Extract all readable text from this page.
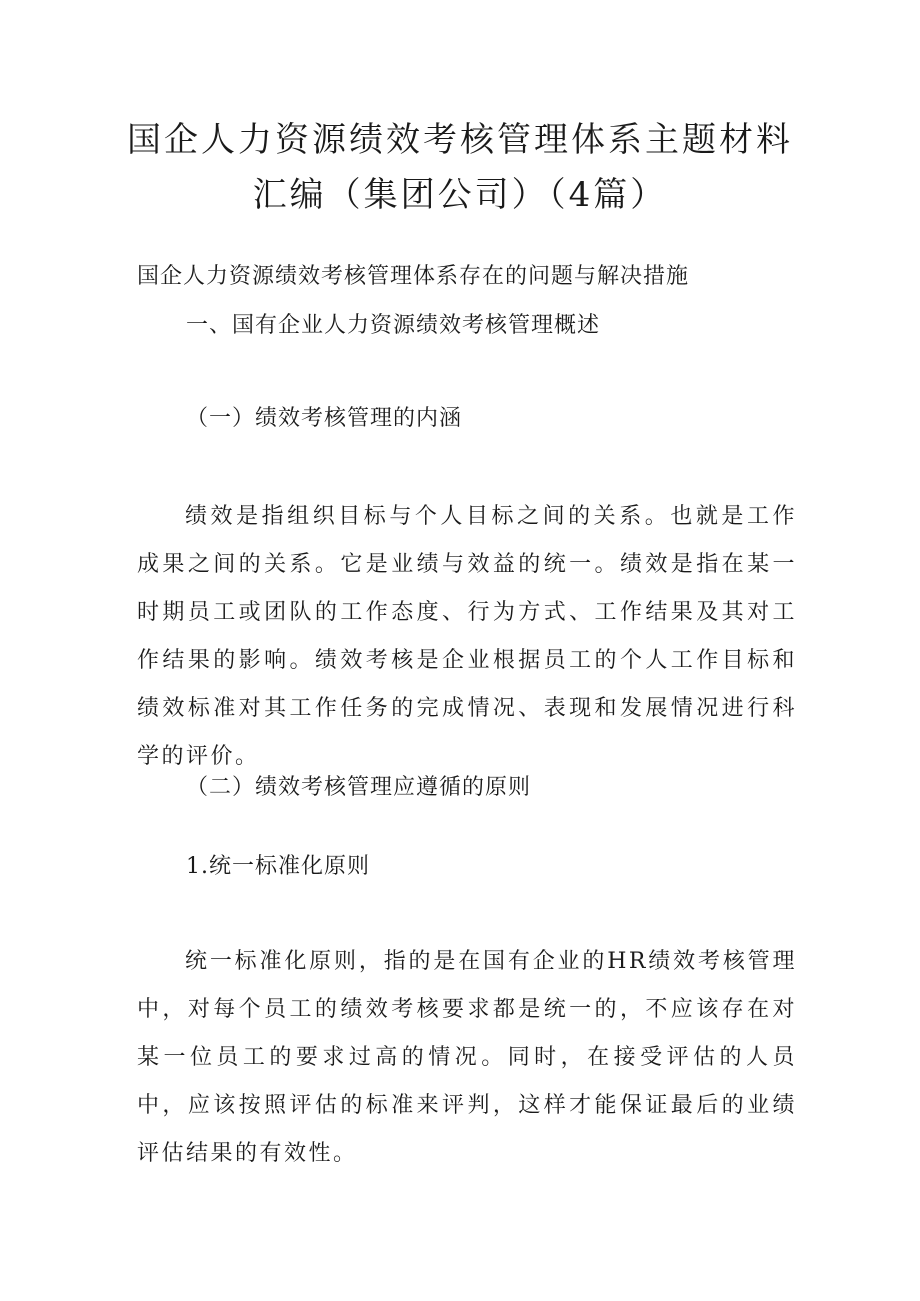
国企人力资源绩效考核管理体系主题材料
汇编（集团公司）（4篇）
国企人力资源绩效考核管理体系存在的问题与解决措施
一、国有企业人力资源绩效考核管理概述
（一）绩效考核管理的内涵
绩效是指组织目标与个人目标之间的关系。也就是工作成果之间的关系。它是业绩与效益的统一。绩效是指在某一时期员工或团队的工作态度、行为方式、工作结果及其对工作结果的影响。绩效考核是企业根据员工的个人工作目标和绩效标准对其工作任务的完成情况、表现和发展情况进行科学的评价。
（二）绩效考核管理应遵循的原则
1.统一标准化原则
统一标准化原则，指的是在国有企业的HR绩效考核管理中，对每个员工的绩效考核要求都是统一的，不应该存在对某一位员工的要求过高的情况。同时，在接受评估的人员中，应该按照评估的标准来评判，这样才能保证最后的业绩评估结果的有效性。
